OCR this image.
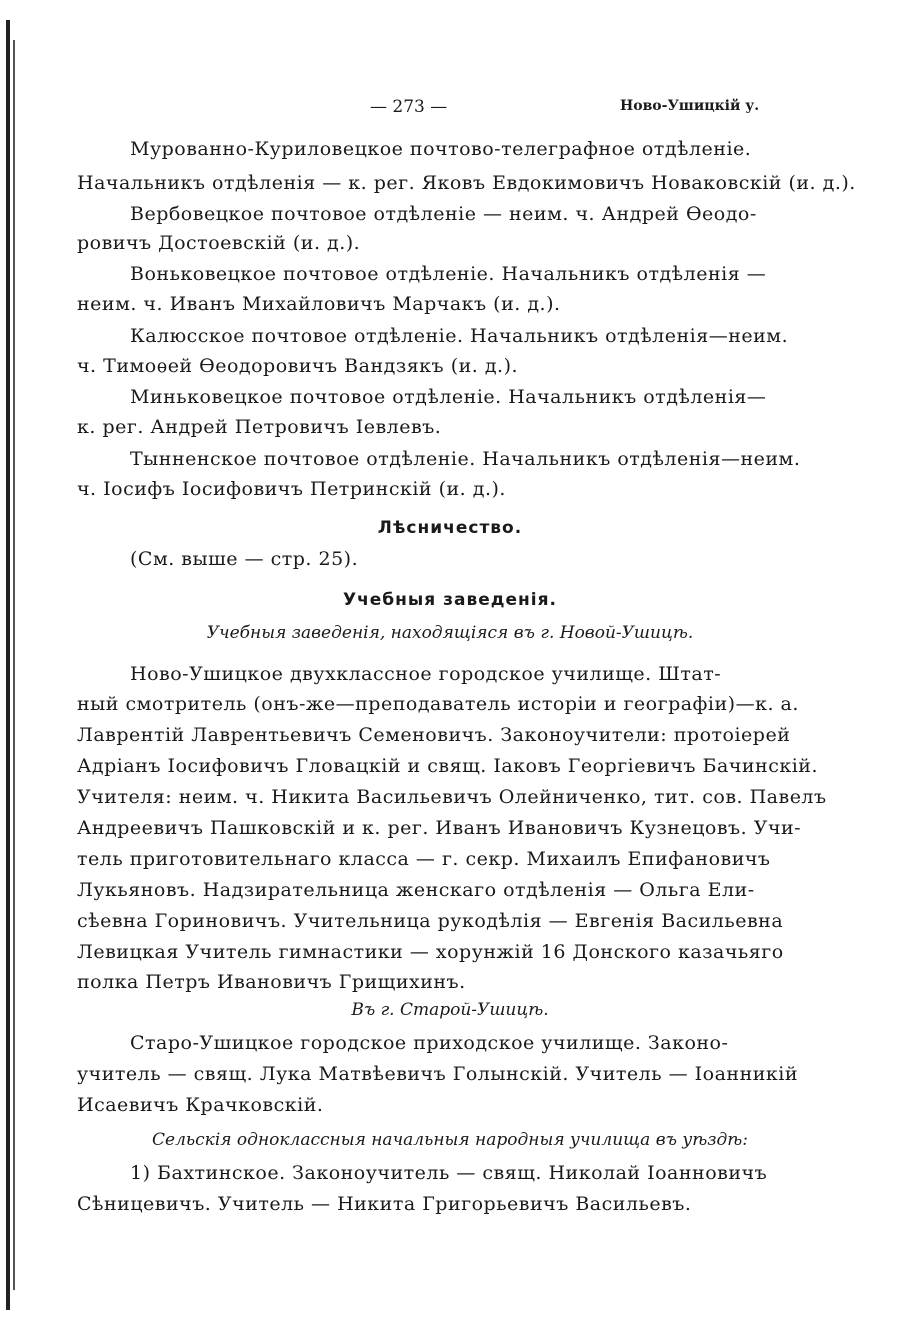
— 273 —	Ново-Ушицкій у.
Мурованно-Куриловецкое почтово-телеграфное отдѣленіе.
Начальникъ отдѣленія — к. рег. Яковъ Евдокимовичъ Новаковскій (и. д.).
Вербовецкое почтовое отдѣленіе — неим. ч. Андрей Ѳеодо-
ровичъ Достоевскій (и. д.).
Воньковецкое почтовое отдѣленіе. Начальникъ отдѣленія —
неим. ч. Иванъ Михайловичъ Марчакъ (и. д.).
Калюсское почтовое отдѣленіе. Начальникъ отдѣленія—неим.
ч. Тимоѳей Ѳеодоровичъ Вандзякъ (и. д.).
Миньковецкое почтовое отдѣленіе. Начальникъ отдѣленія—
к. рег. Андрей Петровичъ Іевлевъ.
Тынненское почтовое отдѣленіе. Начальникъ отдѣленія—неим.
ч. Іосифъ Іосифовичъ Петринскій (и. д.).
Лѣсничество.
(См. выше — стр. 25).
Учебныя заведенія.
Учебныя заведенія, находящіяся въ г. Новой-Ушицѣ.
Ново-Ушицкое двухклассное городское училище. Штат-
ный смотритель (онъ-же—преподаватель исторіи и географіи)—к. а.
Лаврентій Лаврентьевичъ Семеновичъ. Законоучители: протоіерей
Адріанъ Іосифовичъ Гловацкій и свящ. Іаковъ Георгіевичъ Бачинскій.
Учителя: неим. ч. Никита Васильевичъ Олейниченко, тит. сов. Павелъ
Андреевичъ Пашковскій и к. рег. Иванъ Ивановичъ Кузнецовъ. Учи-
тель приготовительнаго класса — г. секр. Михаилъ Епифановичъ
Лукьяновъ. Надзирательница женскаго отдѣленія — Ольга Ели-
сѣевна Гориновичъ. Учительница рукодѣлія — Евгенія Васильевна
Левицкая Учитель гимнастики — хорунжій 16 Донского казачьяго
полка Петръ Ивановичъ Грищихинъ.
Въ г. Старой-Ушицѣ.
Старо-Ушицкое городское приходское училище. Законо-
учитель — свящ. Лука Матвѣевичъ Голынскій. Учитель — Іоанникій
Исаевичъ Крачковскій.
Сельскія одноклассныя начальныя народныя училища въ уѣздѣ:
1) Бахтинское. Законоучитель — свящ. Николай Іоанновичъ
Сѣницевичъ. Учитель — Никита Григорьевичъ Васильевъ.
